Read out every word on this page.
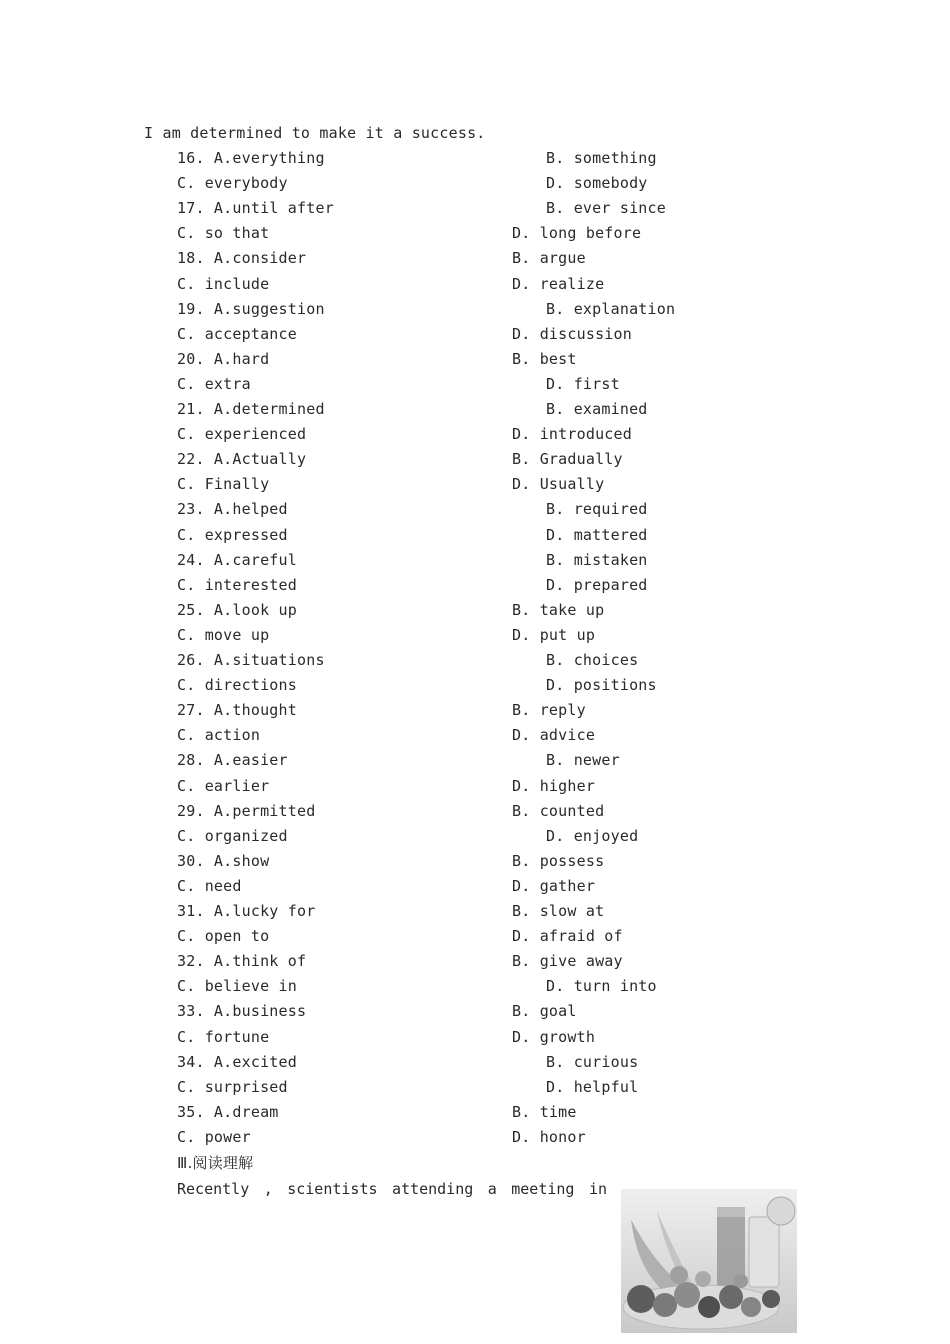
I am determined to make it a success.
16. A.everything	B. something
C. everybody	D. somebody
17. A.until after	B. ever since
C. so that	D. long before
18. A.consider	B. argue
C. include	D. realize
19. A.suggestion	B. explanation
C. acceptance	D. discussion
20. A.hard	B. best
C. extra	D. first
21. A.determined	B. examined
C. experienced	D. introduced
22. A.Actually	B. Gradually
C. Finally	D. Usually
23. A.helped	B. required
C. expressed	D. mattered
24. A.careful	B. mistaken
C. interested	D. prepared
25. A.look up	B. take up
C. move up	D. put up
26. A.situations	B. choices
C. directions	D. positions
27. A.thought	B. reply
C. action	D. advice
28. A.easier	B. newer
C. earlier	D. higher
29. A.permitted	B. counted
C. organized	D. enjoyed
30. A.show	B. possess
C. need	D. gather
31. A.lucky for	B. slow at
C. open to	D. afraid of
32. A.think of	B. give away
C. believe in	D. turn into
33. A.business	B. goal
C. fortune	D. growth
34. A.excited	B. curious
C. surprised	D. helpful
35. A.dream	B. time
C. power	D. honor
Ⅲ.阅读理解
Recently , scientists attending a meeting in
